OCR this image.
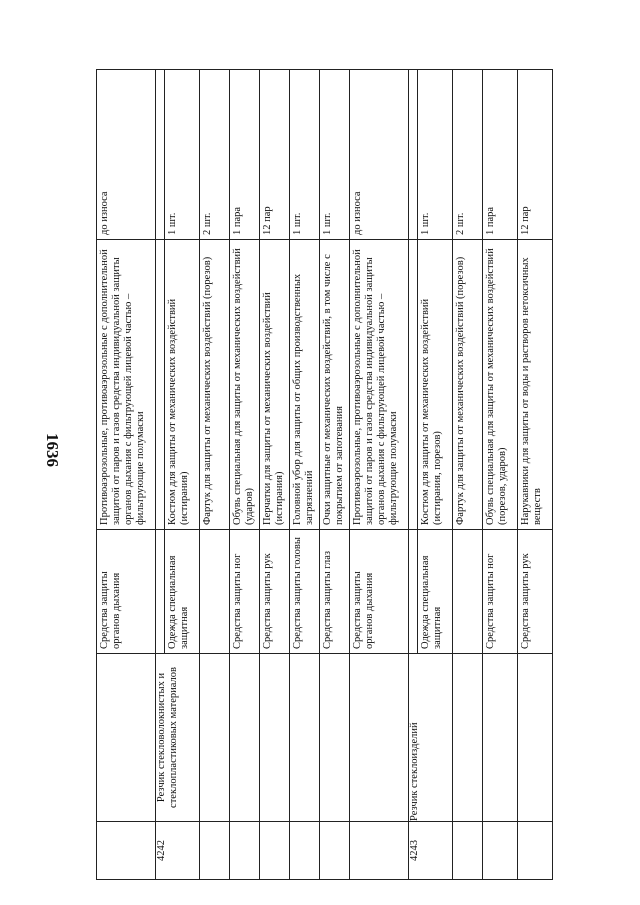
1636
		Средства защиты органов дыхания	Противоаэрозольные, противоаэрозольные с дополнительной защитой от паров и газов средства индивидуальной защиты органов дыхания с фильтрующей лицевой частью – фильтрующие полумаски	до износа
4242	Резчик стекловолокнистых и стеклопластиковых материалов			
		Одежда специальная защитная	Костюм для защиты от механических воздействий (истирания)	1 шт.
			Фартук для защиты от механических воздействий (порезов)	2 шт.
		Средства защиты ног	Обувь специальная для защиты от механических воздействий (ударов)	1 пара
		Средства защиты рук	Перчатки для защиты от механических воздействий (истирания)	12 пар
		Средства защиты головы	Головной убор для защиты от общих производственных загрязнений	1 шт.
		Средства защиты глаз	Очки защитные от механических воздействий, в том числе с покрытием от запотевания	1 шт.
		Средства защиты органов дыхания	Противоаэрозольные, противоаэрозольные с дополнительной защитой от паров и газов средства индивидуальной защиты органов дыхания с фильтрующей лицевой частью – фильтрующие полумаски	до износа
4243	Резчик стеклоизделий			
		Одежда специальная защитная	Костюм для защиты от механических воздействий (истирания, порезов)	1 шт.
			Фартук для защиты от механических воздействий (порезов)	2 шт.
		Средства защиты ног	Обувь специальная для защиты от механических воздействий (порезов, ударов)	1 пара
		Средства защиты рук	Нарукавники для защиты от воды и растворов нетоксичных веществ	12 пар
